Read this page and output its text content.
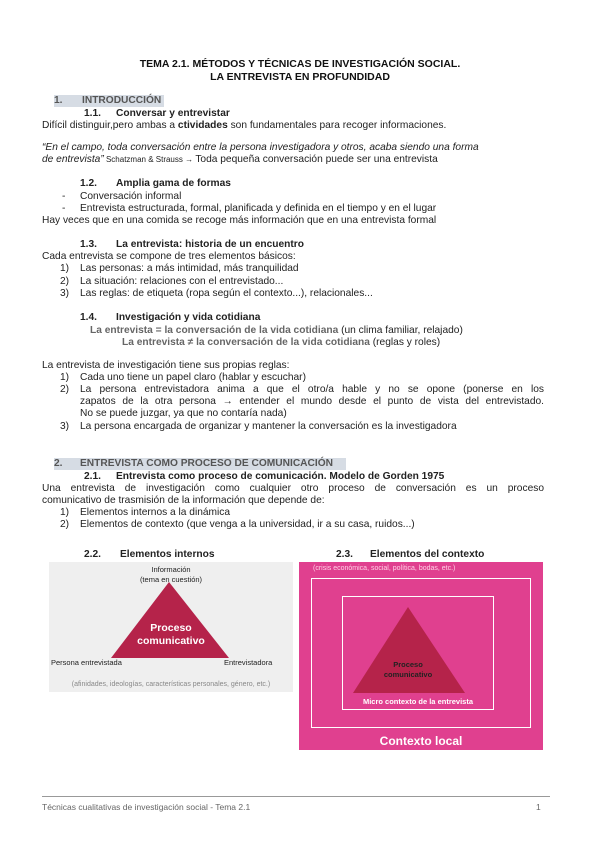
TEMA 2.1. MÉTODOS Y TÉCNICAS DE INVESTIGACIÓN SOCIAL.
LA ENTREVISTA EN PROFUNDIDAD
1. INTRODUCCIÓN
1.1. Conversar y entrevistar
Difícil distinguir,pero ambas a ctividades son fundamentales para recoger informaciones.
“En el campo, toda conversación entre la persona investigadora y otros, acaba siendo una forma
de entrevista” Schatzman & Strauss → Toda pequeña conversación puede ser una entrevista
1.2. Amplia gama de formas
- Conversación informal
- Entrevista estructurada, formal, planificada y definida en el tiempo y en el lugar
Hay veces que en una comida se recoge más información que en una entrevista formal
1.3. La entrevista: historia de un encuentro
Cada entrevista se compone de tres elementos básicos:
1) Las personas: a más intimidad, más tranquilidad
2) La situación: relaciones con el entrevistado...
3) Las reglas: de etiqueta (ropa según el contexto...), relacionales...
1.4. Investigación y vida cotidiana
La entrevista = la conversación de la vida cotidiana (un clima familiar, relajado)
La entrevista ≠ la conversación de la vida cotidiana (reglas y roles)
La entrevista de investigación tiene sus propias reglas:
1) Cada uno tiene un papel claro (hablar y escuchar)
2) La persona entrevistadora anima a que el otro/a hable y no se opone (ponerse en los
zapatos de la otra persona → entender el mundo desde el punto de vista del entrevistado.
No se puede juzgar, ya que no contaría nada)
3) La persona encargada de organizar y mantener la conversación es la investigadora
2. ENTREVISTA COMO PROCESO DE COMUNICACIÓN
2.1. Entrevista como proceso de comunicación. Modelo de Gorden 1975
Una entrevista de investigación como cualquier otro proceso de conversación es un proceso
comunicativo de trasmisión de la información que depende de:
1) Elementos internos a la dinámica
2) Elementos de contexto (que venga a la universidad, ir a su casa, ruidos...)
2.2. Elementos internos	2.3. Elementos del contexto
Información
(tema en cuestión)
Proceso
comunicativo
Persona entrevistada	Entrevistadora
(afinidades, ideologías, características personales, género, etc.)
(crisis económica, social, política, bodas, etc.)
Proceso
comunicativo
Micro contexto de la entrevista
Contexto local
Técnicas cualitativas de investigación social - Tema 2.1	1
